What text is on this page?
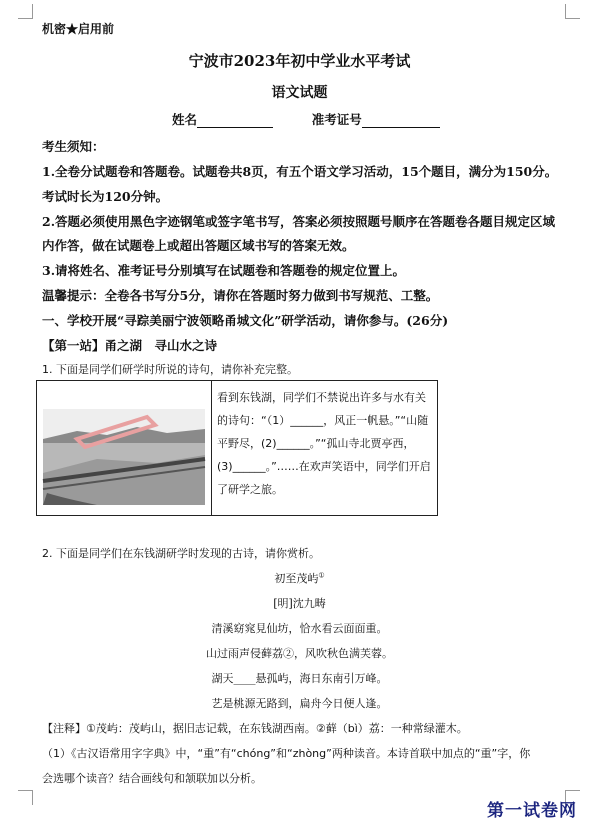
机密★启用前
宁波市2023年初中学业水平考试
语文试题
姓名	准考证号
考生须知：
1.全卷分试题卷和答题卷。试题卷共8页，有五个语文学习活动，15个题目，满分为150分。
考试时长为120分钟。
2.答题必须使用黑色字迹钢笔或签字笔书写，答案必须按照题号顺序在答题卷各题目规定区域
内作答，做在试题卷上或超出答题区域书写的答案无效。
3.请将姓名、准考证号分别填写在试题卷和答题卷的规定位置上。
温馨提示：全卷各书写分5分，请你在答题时努力做到书写规范、工整。
一、学校开展“寻踪美丽宁波领略甬城文化”研学活动，请你参与。(26分)
【第一站】甬之湖　寻山水之诗
1. 下面是同学们研学时所说的诗句，请你补充完整。
看到东钱湖，同学们不禁说出许多与水有关的诗句：“（1）______，风正一帆悬。”“山随平野尽，(2)______。”“孤山寺北贾亭西，(3)______。”……在欢声笑语中，同学们开启了研学之旅。
2. 下面是同学们在东钱湖研学时发现的古诗，请你赏析。
初至茂屿①
[明]沈九畴
清溪窈窕見仙坊，恰水看云面面重。
山过雨声侵藓荔②，风吹秋色满芙蓉。
湖天____悬孤屿，海日东南引万峰。
艺是桃源无路到，扁舟今日便人逢。
【注释】①茂屿：茂屿山，据旧志记载，在东钱湖西南。②藓（bì）荔：一种常绿灌木。
（1）《古汉语常用字字典》中，“重”有“chóng”和“zhòng”两种读音。本诗首联中加点的“重”字，你
会选哪个读音？结合画线句和颔联加以分析。
第一试卷网
